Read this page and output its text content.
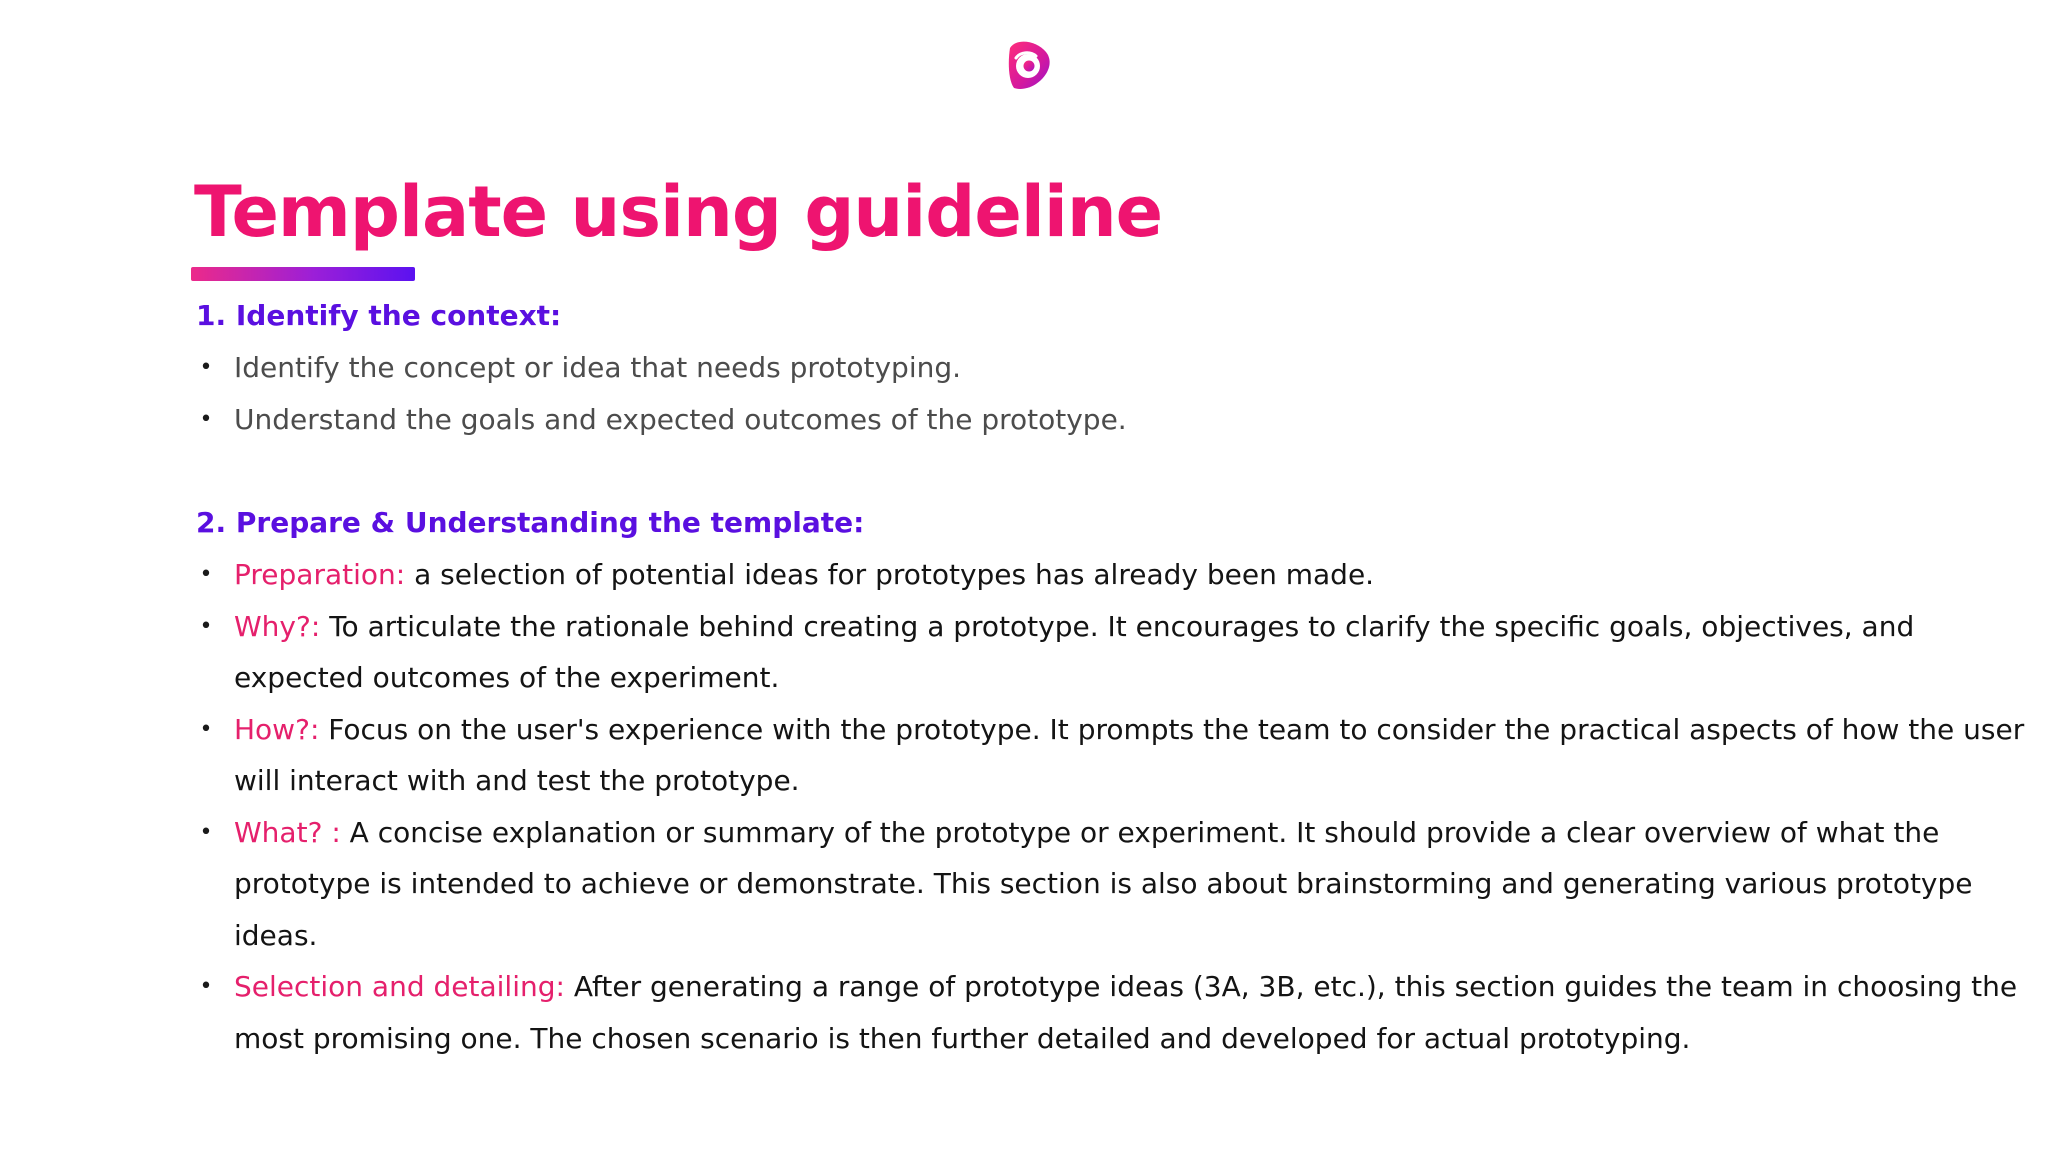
Template using guideline
1. Identify the context:
• Identify the concept or idea that needs prototyping.
• Understand the goals and expected outcomes of the prototype.
2. Prepare & Understanding the template:
• Preparation: a selection of potential ideas for prototypes has already been made.
• Why?: To articulate the rationale behind creating a prototype. It encourages to clarify the specific goals, objectives, and expected outcomes of the experiment.
• How?: Focus on the user's experience with the prototype. It prompts the team to consider the practical aspects of how the user will interact with and test the prototype.
• What? : A concise explanation or summary of the prototype or experiment. It should provide a clear overview of what the prototype is intended to achieve or demonstrate. This section is also about brainstorming and generating various prototype ideas.
• Selection and detailing: After generating a range of prototype ideas (3A, 3B, etc.), this section guides the team in choosing the most promising one. The chosen scenario is then further detailed and developed for actual prototyping.
